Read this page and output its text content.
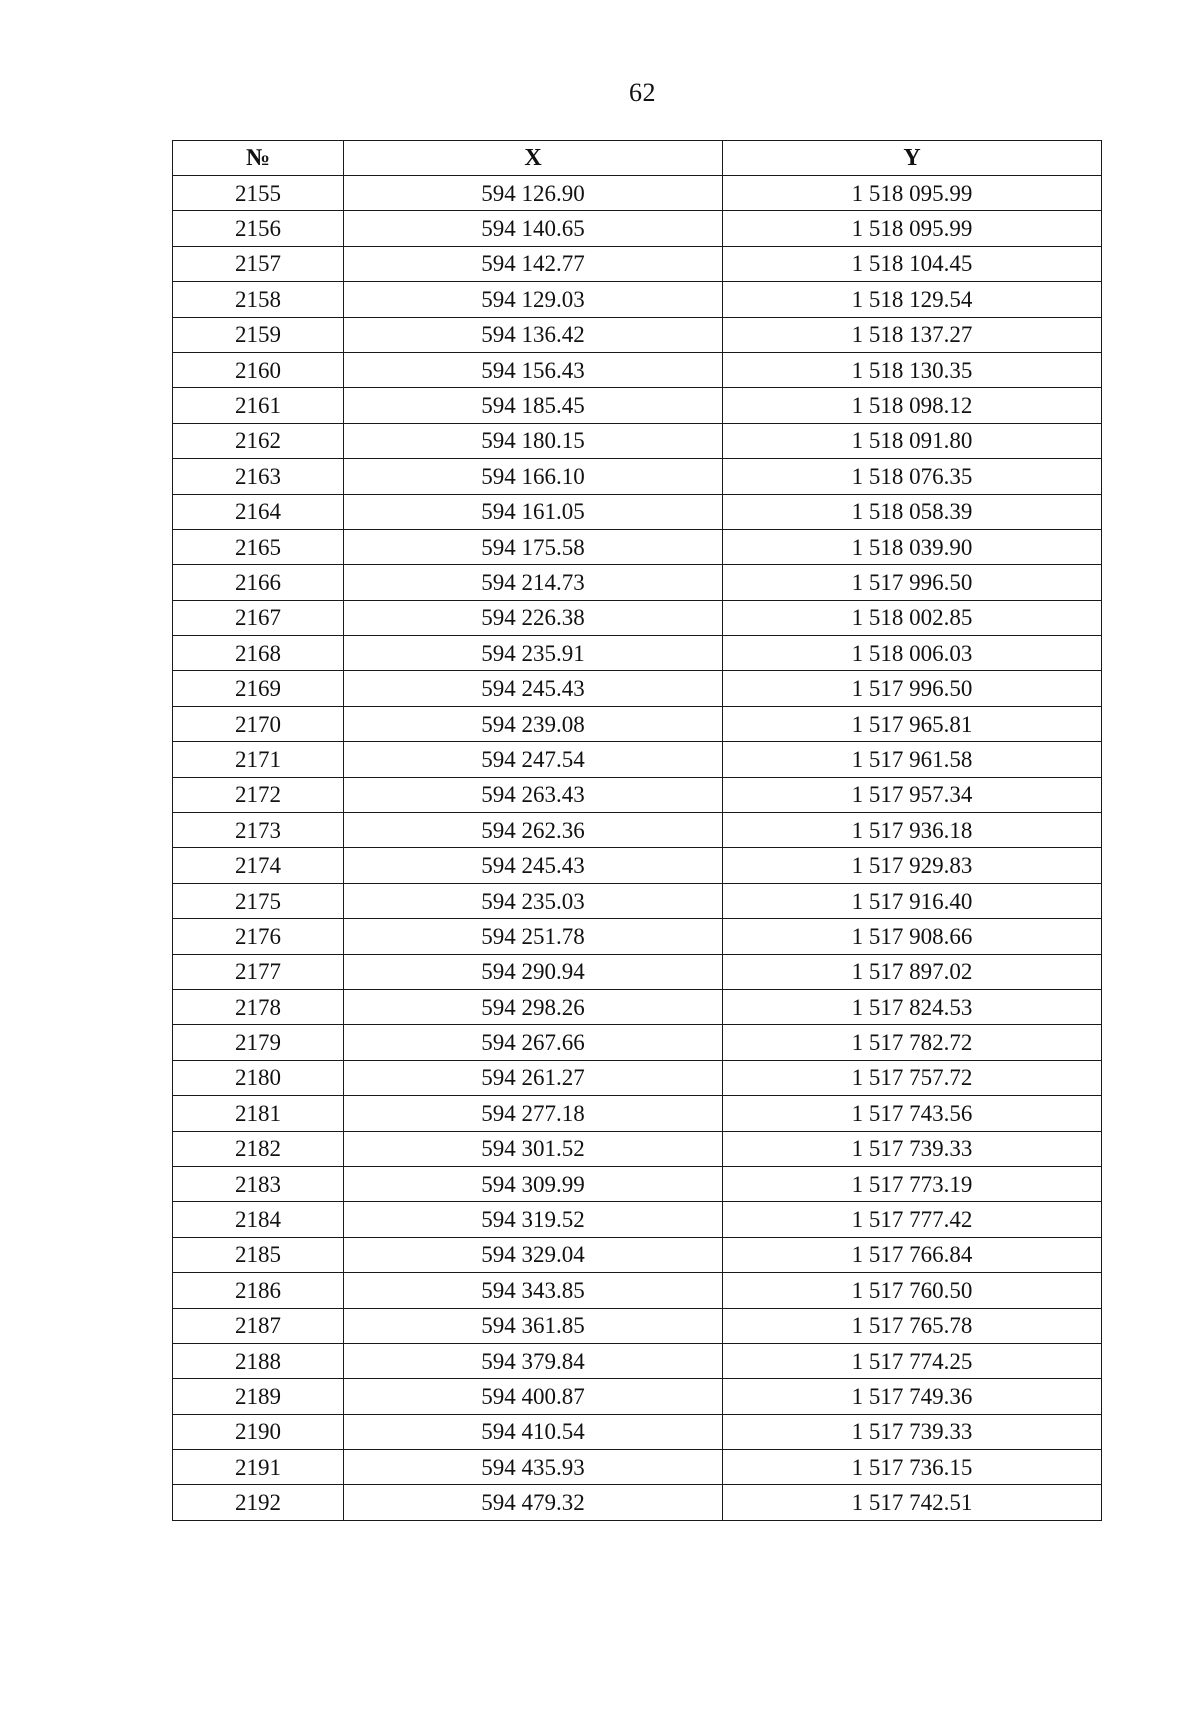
62
№	X	Y
2155	594 126.90	1 518 095.99
2156	594 140.65	1 518 095.99
2157	594 142.77	1 518 104.45
2158	594 129.03	1 518 129.54
2159	594 136.42	1 518 137.27
2160	594 156.43	1 518 130.35
2161	594 185.45	1 518 098.12
2162	594 180.15	1 518 091.80
2163	594 166.10	1 518 076.35
2164	594 161.05	1 518 058.39
2165	594 175.58	1 518 039.90
2166	594 214.73	1 517 996.50
2167	594 226.38	1 518 002.85
2168	594 235.91	1 518 006.03
2169	594 245.43	1 517 996.50
2170	594 239.08	1 517 965.81
2171	594 247.54	1 517 961.58
2172	594 263.43	1 517 957.34
2173	594 262.36	1 517 936.18
2174	594 245.43	1 517 929.83
2175	594 235.03	1 517 916.40
2176	594 251.78	1 517 908.66
2177	594 290.94	1 517 897.02
2178	594 298.26	1 517 824.53
2179	594 267.66	1 517 782.72
2180	594 261.27	1 517 757.72
2181	594 277.18	1 517 743.56
2182	594 301.52	1 517 739.33
2183	594 309.99	1 517 773.19
2184	594 319.52	1 517 777.42
2185	594 329.04	1 517 766.84
2186	594 343.85	1 517 760.50
2187	594 361.85	1 517 765.78
2188	594 379.84	1 517 774.25
2189	594 400.87	1 517 749.36
2190	594 410.54	1 517 739.33
2191	594 435.93	1 517 736.15
2192	594 479.32	1 517 742.51
